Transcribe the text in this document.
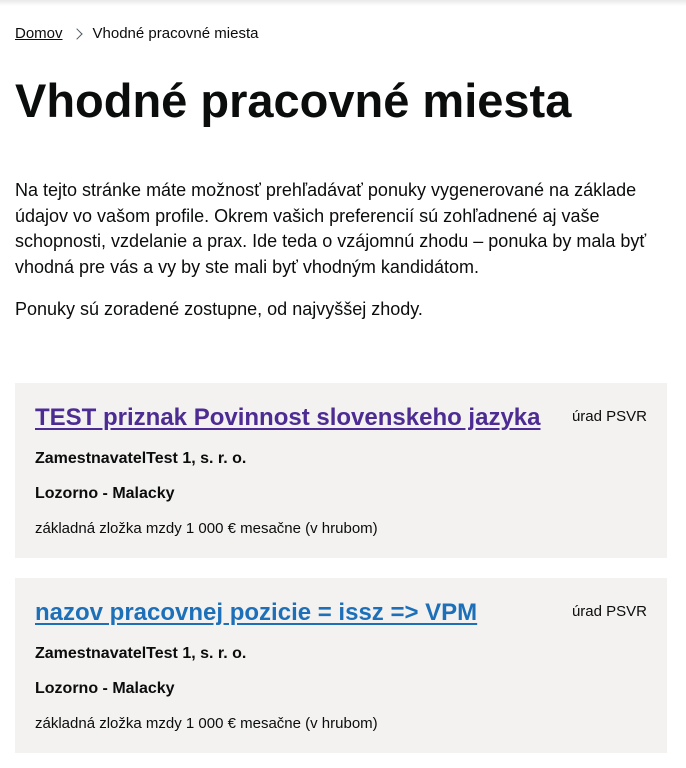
Domov Vhodné pracovné miesta
Vhodné pracovné miesta

Na tejto stránke máte možnosť prehľadávať ponuky vygenerované na základe údajov vo vašom profile. Okrem vašich preferencií sú zohľadnené aj vaše schopnosti, vzdelanie a prax. Ide teda o vzájomnú zhodu – ponuka by mala byť vhodná pre vás a vy by ste mali byť vhodným kandidátom.

Ponuky sú zoradené zostupne, od najvyššej zhody.

TEST priznak Povinnost slovenskeho jazyka úrad PSVR
ZamestnavatelTest 1, s. r. o.
Lozorno - Malacky
základná zložka mzdy 1 000 € mesačne (v hrubom)
nazov pracovnej pozicie = issz => VPM	úrad PSVR
ZamestnavatelTest 1, s. r. o.
Lozorno - Malacky
základná zložka mzdy 1 000 € mesačne (v hrubom)
